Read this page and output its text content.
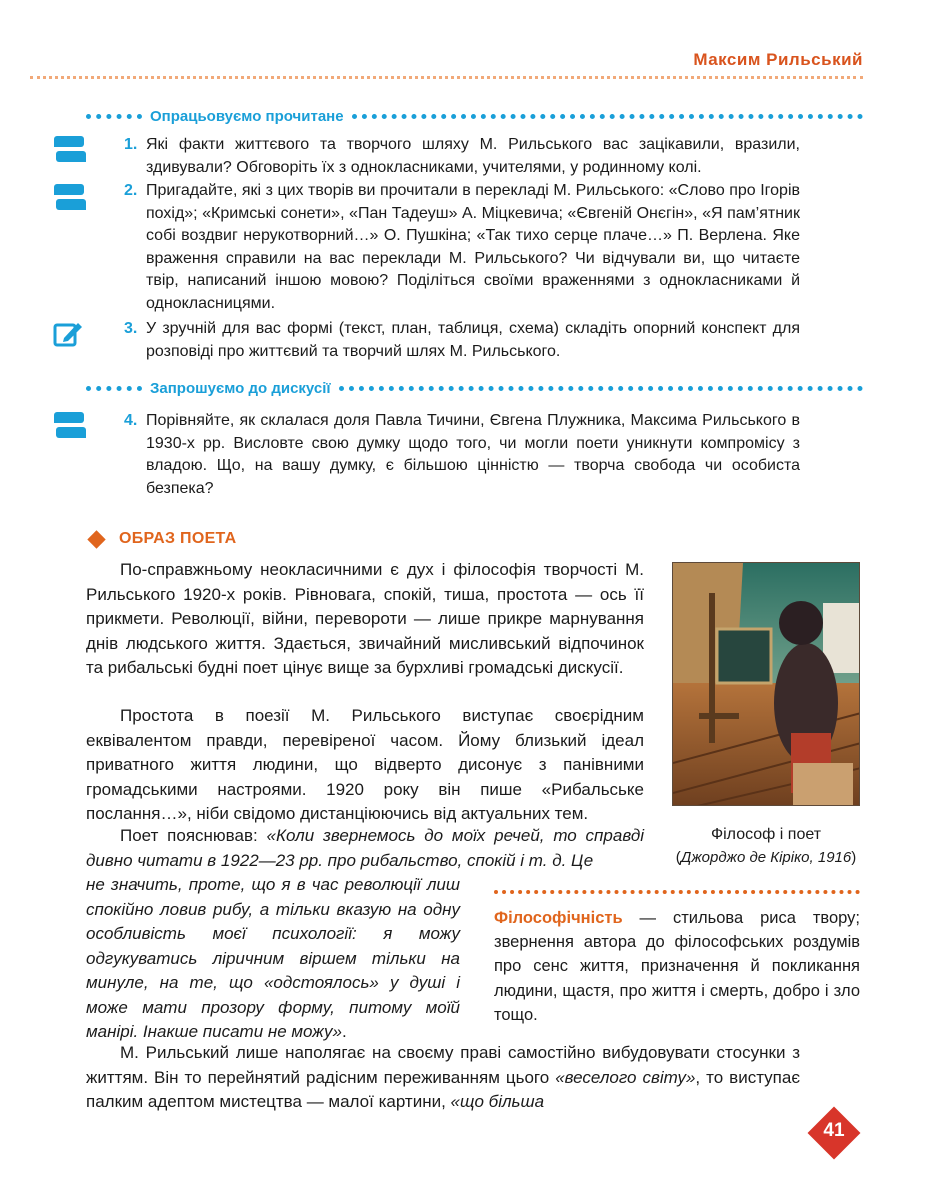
Максим Рильський
Опрацьовуємо прочитане
1. Які факти життєвого та творчого шляху М. Рильського вас зацікавили, вразили, здивували? Обговоріть їх з однокласниками, учителями, у родинному колі.
2. Пригадайте, які з цих творів ви прочитали в перекладі М. Рильського: «Слово про Ігорів похід»; «Кримські сонети», «Пан Тадеуш» А. Міцкевича; «Євгеній Онєгін», «Я пам’ятник собі воздвиг нерукотворний…» О. Пушкіна; «Так тихо серце плаче…» П. Верлена. Яке враження справили на вас переклади М. Рильського? Чи відчували ви, що читаєте твір, написаний іншою мовою? Поділіться своїми враженнями з однокласниками й однокласницями.
3. У зручній для вас формі (текст, план, таблиця, схема) складіть опорний конспект для розповіді про життєвий та творчий шлях М. Рильського.
Запрошуємо до дискусії
4. Порівняйте, як склалася доля Павла Тичини, Євгена Плужника, Максима Рильського в 1930-х рр. Висловте свою думку щодо того, чи могли поети уникнути компромісу з владою. Що, на вашу думку, є більшою цінністю — творча свобода чи особиста безпека?
ОБРАЗ ПОЕТА

По-справжньому неокласичними є дух і філософія творчості М. Рильського 1920-х років. Рівновага, спокій, тиша, простота — ось її прикмети. Революції, війни, перевороти — лише прикре марнування днів людського життя. Здається, звичайний мисливський відпочинок та рибальські будні поет цінує вище за бурхливі громадські дискусії.

Простота в поезії М. Рильського виступає своєрідним еквівалентом правди, перевіреної часом. Йому близький ідеал приватного життя людини, що відверто дисонує з панівними громадськими настроями. 1920 року він пише «Рибальське послання…», ніби свідомо дистанціюючись від актуальних тем.

Поет пояснював: «Коли звернемось до моїх речей, то справді дивно читати в 1922—23 рр. про рибальство, спокій і т. д. Це

не значить, проте, що я в час революції лиш спокійно ловив рибу, а тільки вказую на одну особливість моєї психології: я можу одгукуватись ліричним віршем тільки на минуле, на те, що «одстоялось» у душі і може мати прозору форму, питому моїй манірі. Інакше писати не можу».

М. Рильський лише наполягає на своєму праві самостійно вибудовувати стосунки з життям. Він то перейнятий радісним переживанням цього «веселого світу», то виступає палким адептом мистецтва — малої картини, «що більша

Філософ і поет
(Джорджо де Кіріко, 1916)

Філософічність — стильова риса твору; звернення автора до філософських роздумів про сенс життя, призначення й покликання людини, щастя, про життя і смерть, добро і зло тощо.

41
